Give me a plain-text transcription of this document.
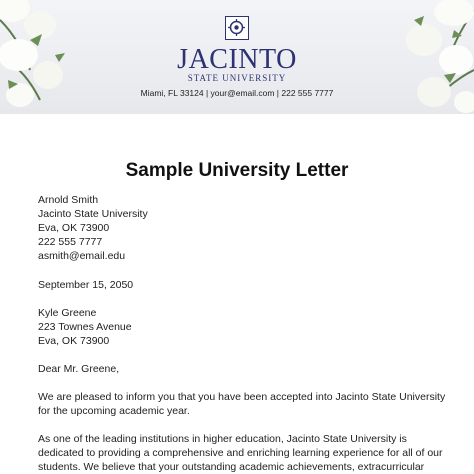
JACINTO
STATE UNIVERSITY
Miami, FL 33124 | your@email.com | 222 555 7777
Sample University Letter
Arnold Smith
Jacinto State University
Eva, OK 73900
222 555 7777
asmith@email.edu
September 15, 2050
Kyle Greene
223 Townes Avenue
Eva, OK 73900
Dear Mr. Greene,
We are pleased to inform you that you have been accepted into Jacinto State University
for the upcoming academic year.
As one of the leading institutions in higher education, Jacinto State University is
dedicated to providing a comprehensive and enriching learning experience for all of our
students. We believe that your outstanding academic achievements, extracurricular
